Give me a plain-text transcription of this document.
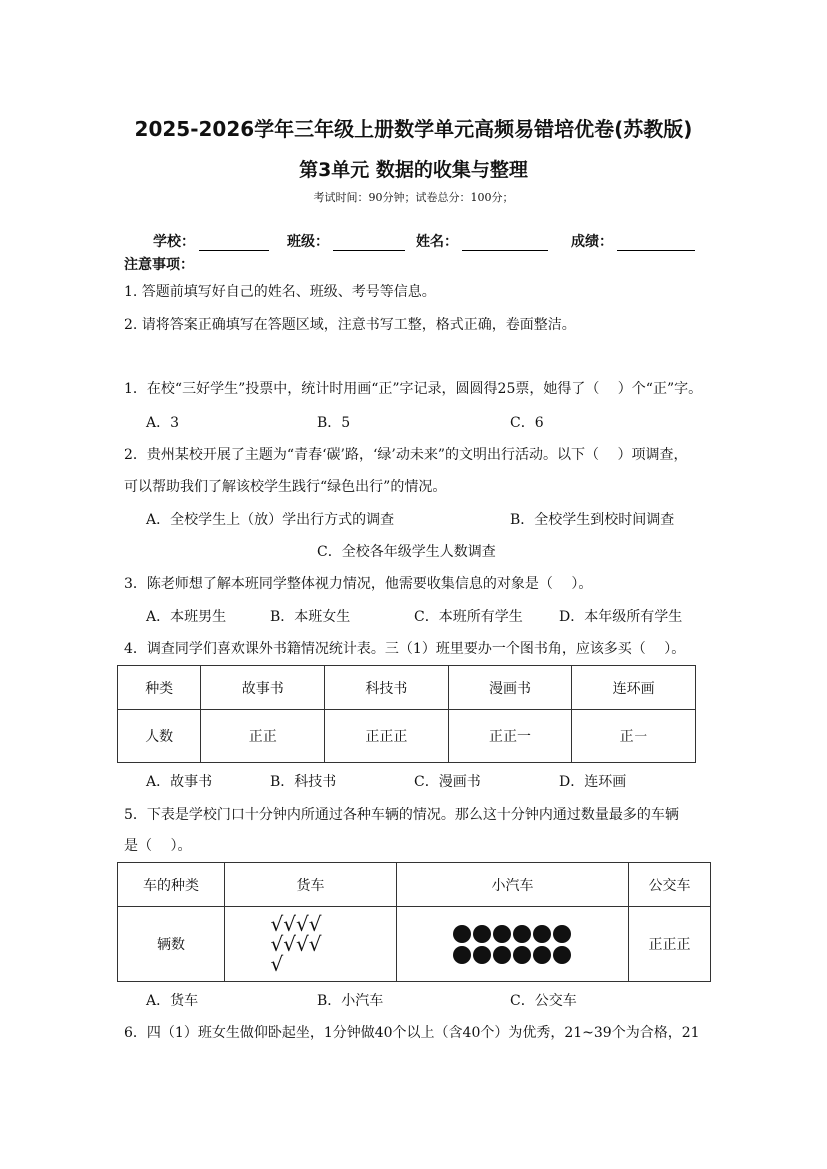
2025-2026学年三年级上册数学单元高频易错培优卷(苏教版)
第3单元 数据的收集与整理
考试时间：90分钟；试卷总分：100分；
学校：	班级：	姓名：	成绩：
注意事项：
1. 答题前填写好自己的姓名、班级、考号等信息。
2. 请将答案正确填写在答题区域，注意书写工整，格式正确，卷面整洁。
1．在校“三好学生”投票中，统计时用画“正”字记录，圆圆得25票，她得了（　 ）个“正”字。
A．3	B．5	C．6
2．贵州某校开展了主题为“青春‘碳’路，‘绿’动未来”的文明出行活动。以下（　 ）项调查，
可以帮助我们了解该校学生践行“绿色出行”的情况。
A．全校学生上（放）学出行方式的调查	B．全校学生到校时间调查
C．全校各年级学生人数调查
3．陈老师想了解本班同学整体视力情况，他需要收集信息的对象是（　 ）。
A．本班男生	B．本班女生	C．本班所有学生	D．本年级所有学生
4．调查同学们喜欢课外书籍情况统计表。三（1）班里要办一个图书角，应该多买（　 ）。
种类	故事书	科技书	漫画书	连环画
人数	正正	正正正	正正一	正㇐
A．故事书	B．科技书	C．漫画书	D．连环画
5．下表是学校门口十分钟内所通过各种车辆的情况。那么这十分钟内通过数量最多的车辆
是（　 ）。
车的种类	货车	小汽车	公交车
辆数	√√√√
√√√√
√		正正正
A．货车	B．小汽车	C．公交车
6．四（1）班女生做仰卧起坐，1分钟做40个以上（含40个）为优秀，21~39个为合格，21
